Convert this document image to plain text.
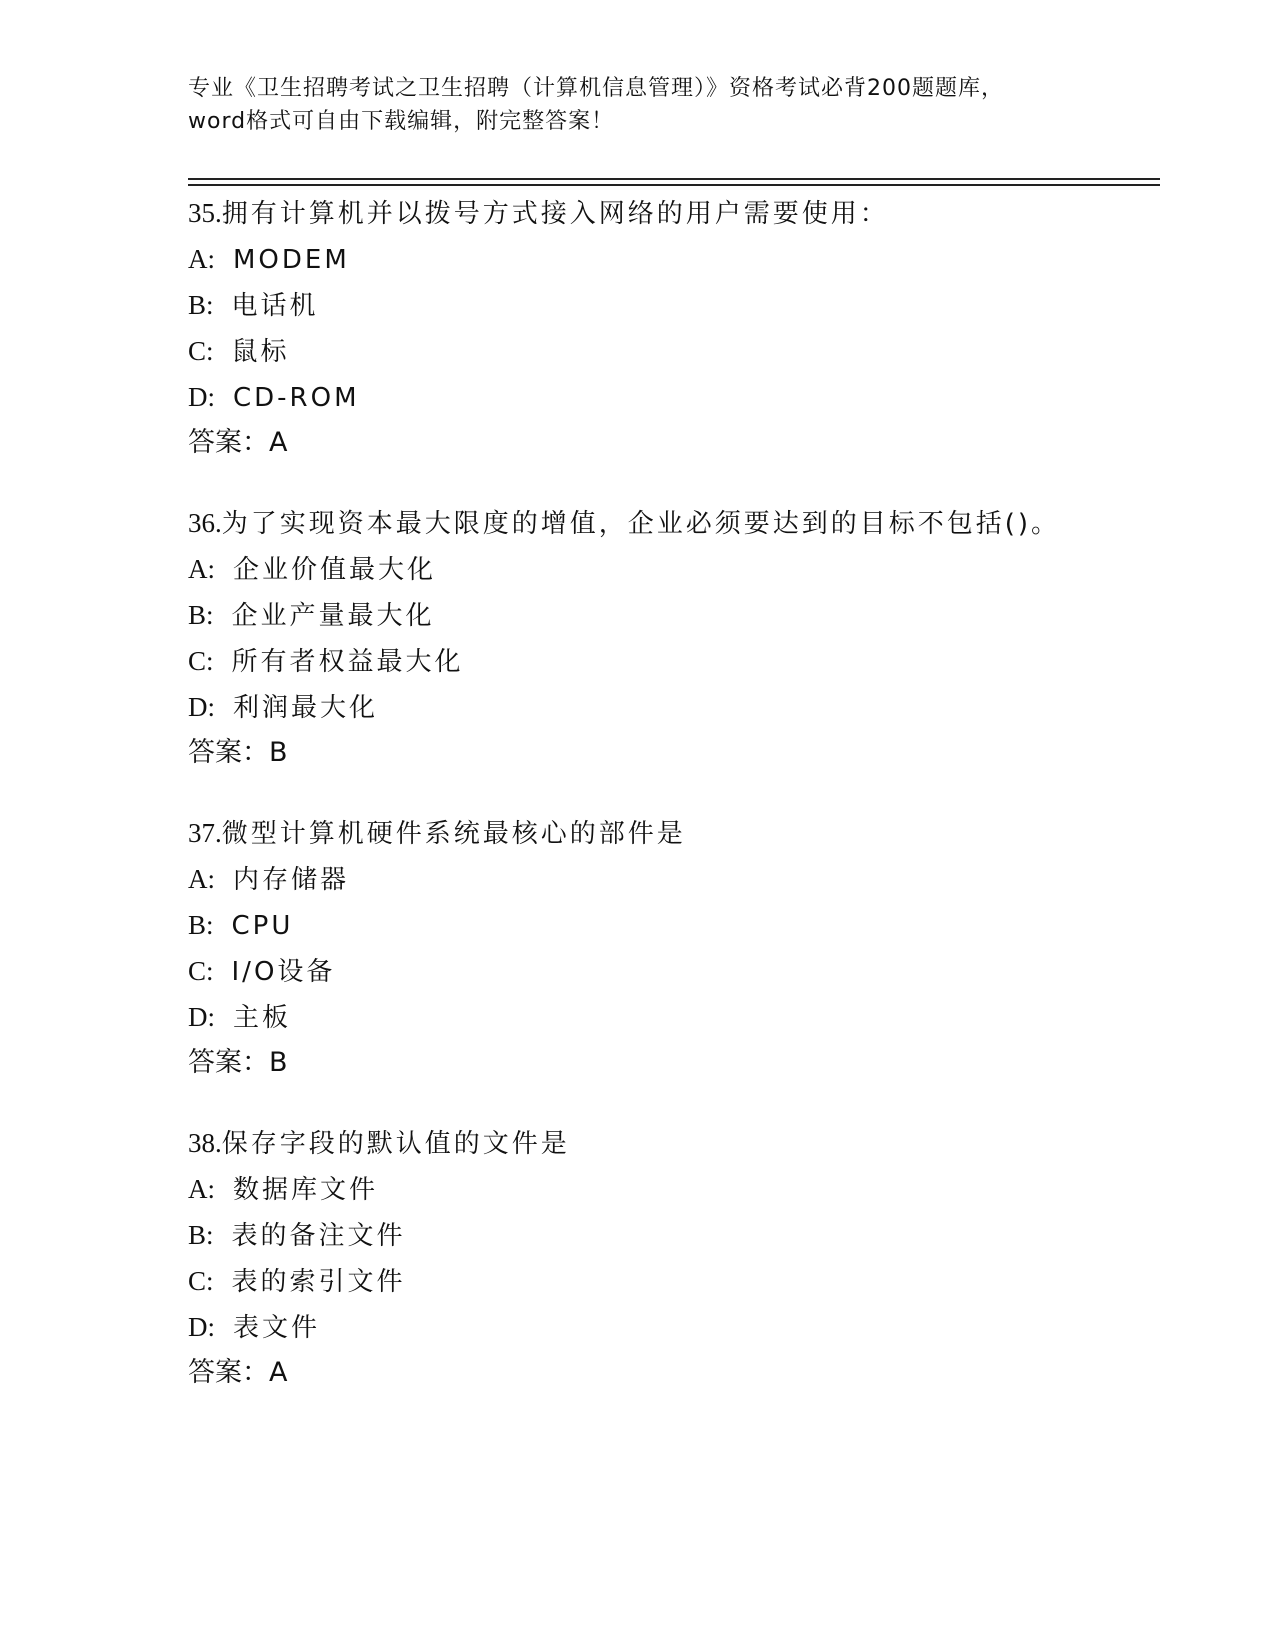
专业《卫生招聘考试之卫生招聘（计算机信息管理）》资格考试必背200题题库，

word格式可自由下载编辑，附完整答案！

35.拥有计算机并以拨号方式接入网络的用户需要使用：
A: MODEM
B: 电话机
C: 鼠标
D: CD-ROM
答案：A
36.为了实现资本最大限度的增值，企业必须要达到的目标不包括()。
A: 企业价值最大化
B: 企业产量最大化
C: 所有者权益最大化
D: 利润最大化
答案：B
37.微型计算机硬件系统最核心的部件是
A: 内存储器
B: CPU
C: I/O设备
D: 主板
答案：B
38.保存字段的默认值的文件是
A: 数据库文件
B: 表的备注文件
C: 表的索引文件
D: 表文件
答案：A
